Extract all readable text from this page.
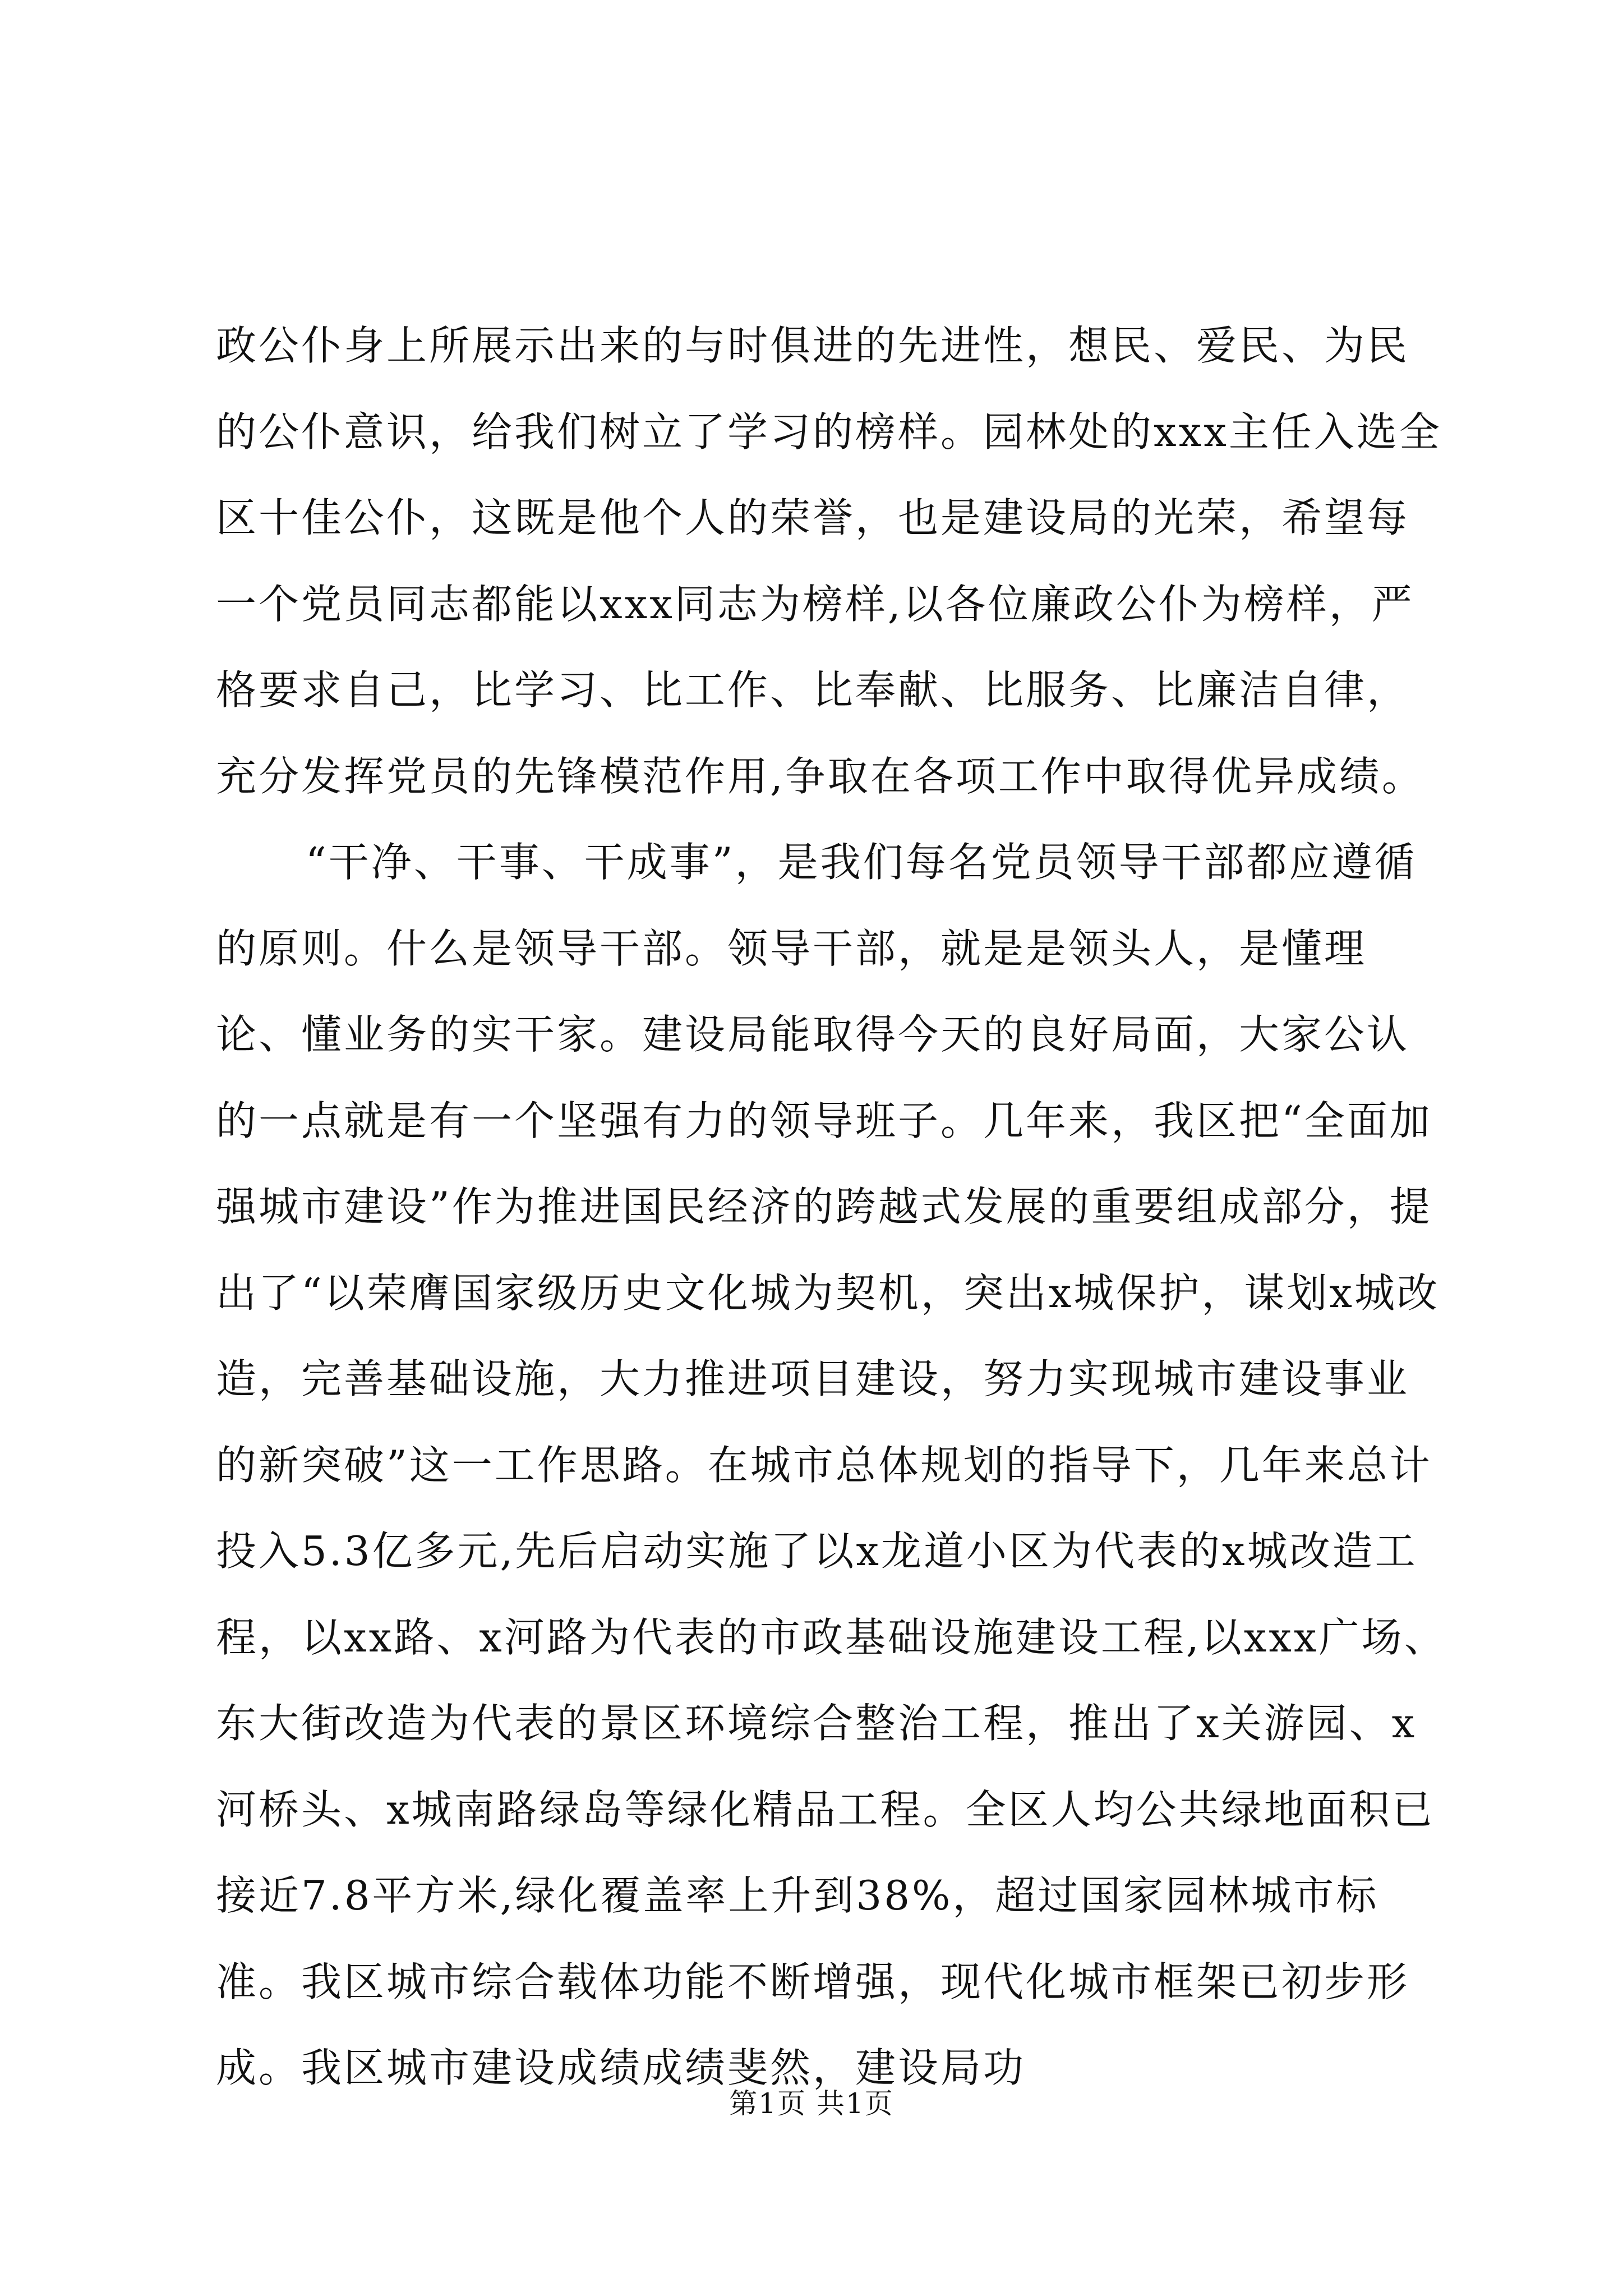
政公仆身上所展示出来的与时俱进的先进性，想民、爱民、为民的公仆意识，给我们树立了学习的榜样。园林处的xxx主任入选全区十佳公仆，这既是他个人的荣誉，也是建设局的光荣，希望每一个党员同志都能以xxx同志为榜样,以各位廉政公仆为榜样，严格要求自己，比学习、比工作、比奉献、比服务、比廉洁自律，充分发挥党员的先锋模范作用,争取在各项工作中取得优异成绩。

“干净、干事、干成事”，是我们每名党员领导干部都应遵循的原则。什么是领导干部。领导干部，就是是领头人，是懂理论、懂业务的实干家。建设局能取得今天的良好局面，大家公认的一点就是有一个坚强有力的领导班子。几年来，我区把“全面加强城市建设”作为推进国民经济的跨越式发展的重要组成部分，提出了“以荣膺国家级历史文化城为契机，突出x城保护，谋划x城改造，完善基础设施，大力推进项目建设，努力实现城市建设事业的新突破”这一工作思路。在城市总体规划的指导下，几年来总计投入5.3亿多元,先后启动实施了以x龙道小区为代表的x城改造工程，以xx路、x河路为代表的市政基础设施建设工程,以xxx广场、东大街改造为代表的景区环境综合整治工程，推出了x关游园、x河桥头、x城南路绿岛等绿化精品工程。全区人均公共绿地面积已接近7.8平方米,绿化覆盖率上升到38%，超过国家园林城市标准。我区城市综合载体功能不断增强，现代化城市框架已初步形成。我区城市建设成绩成绩斐然，建设局功

第1页 共1页
